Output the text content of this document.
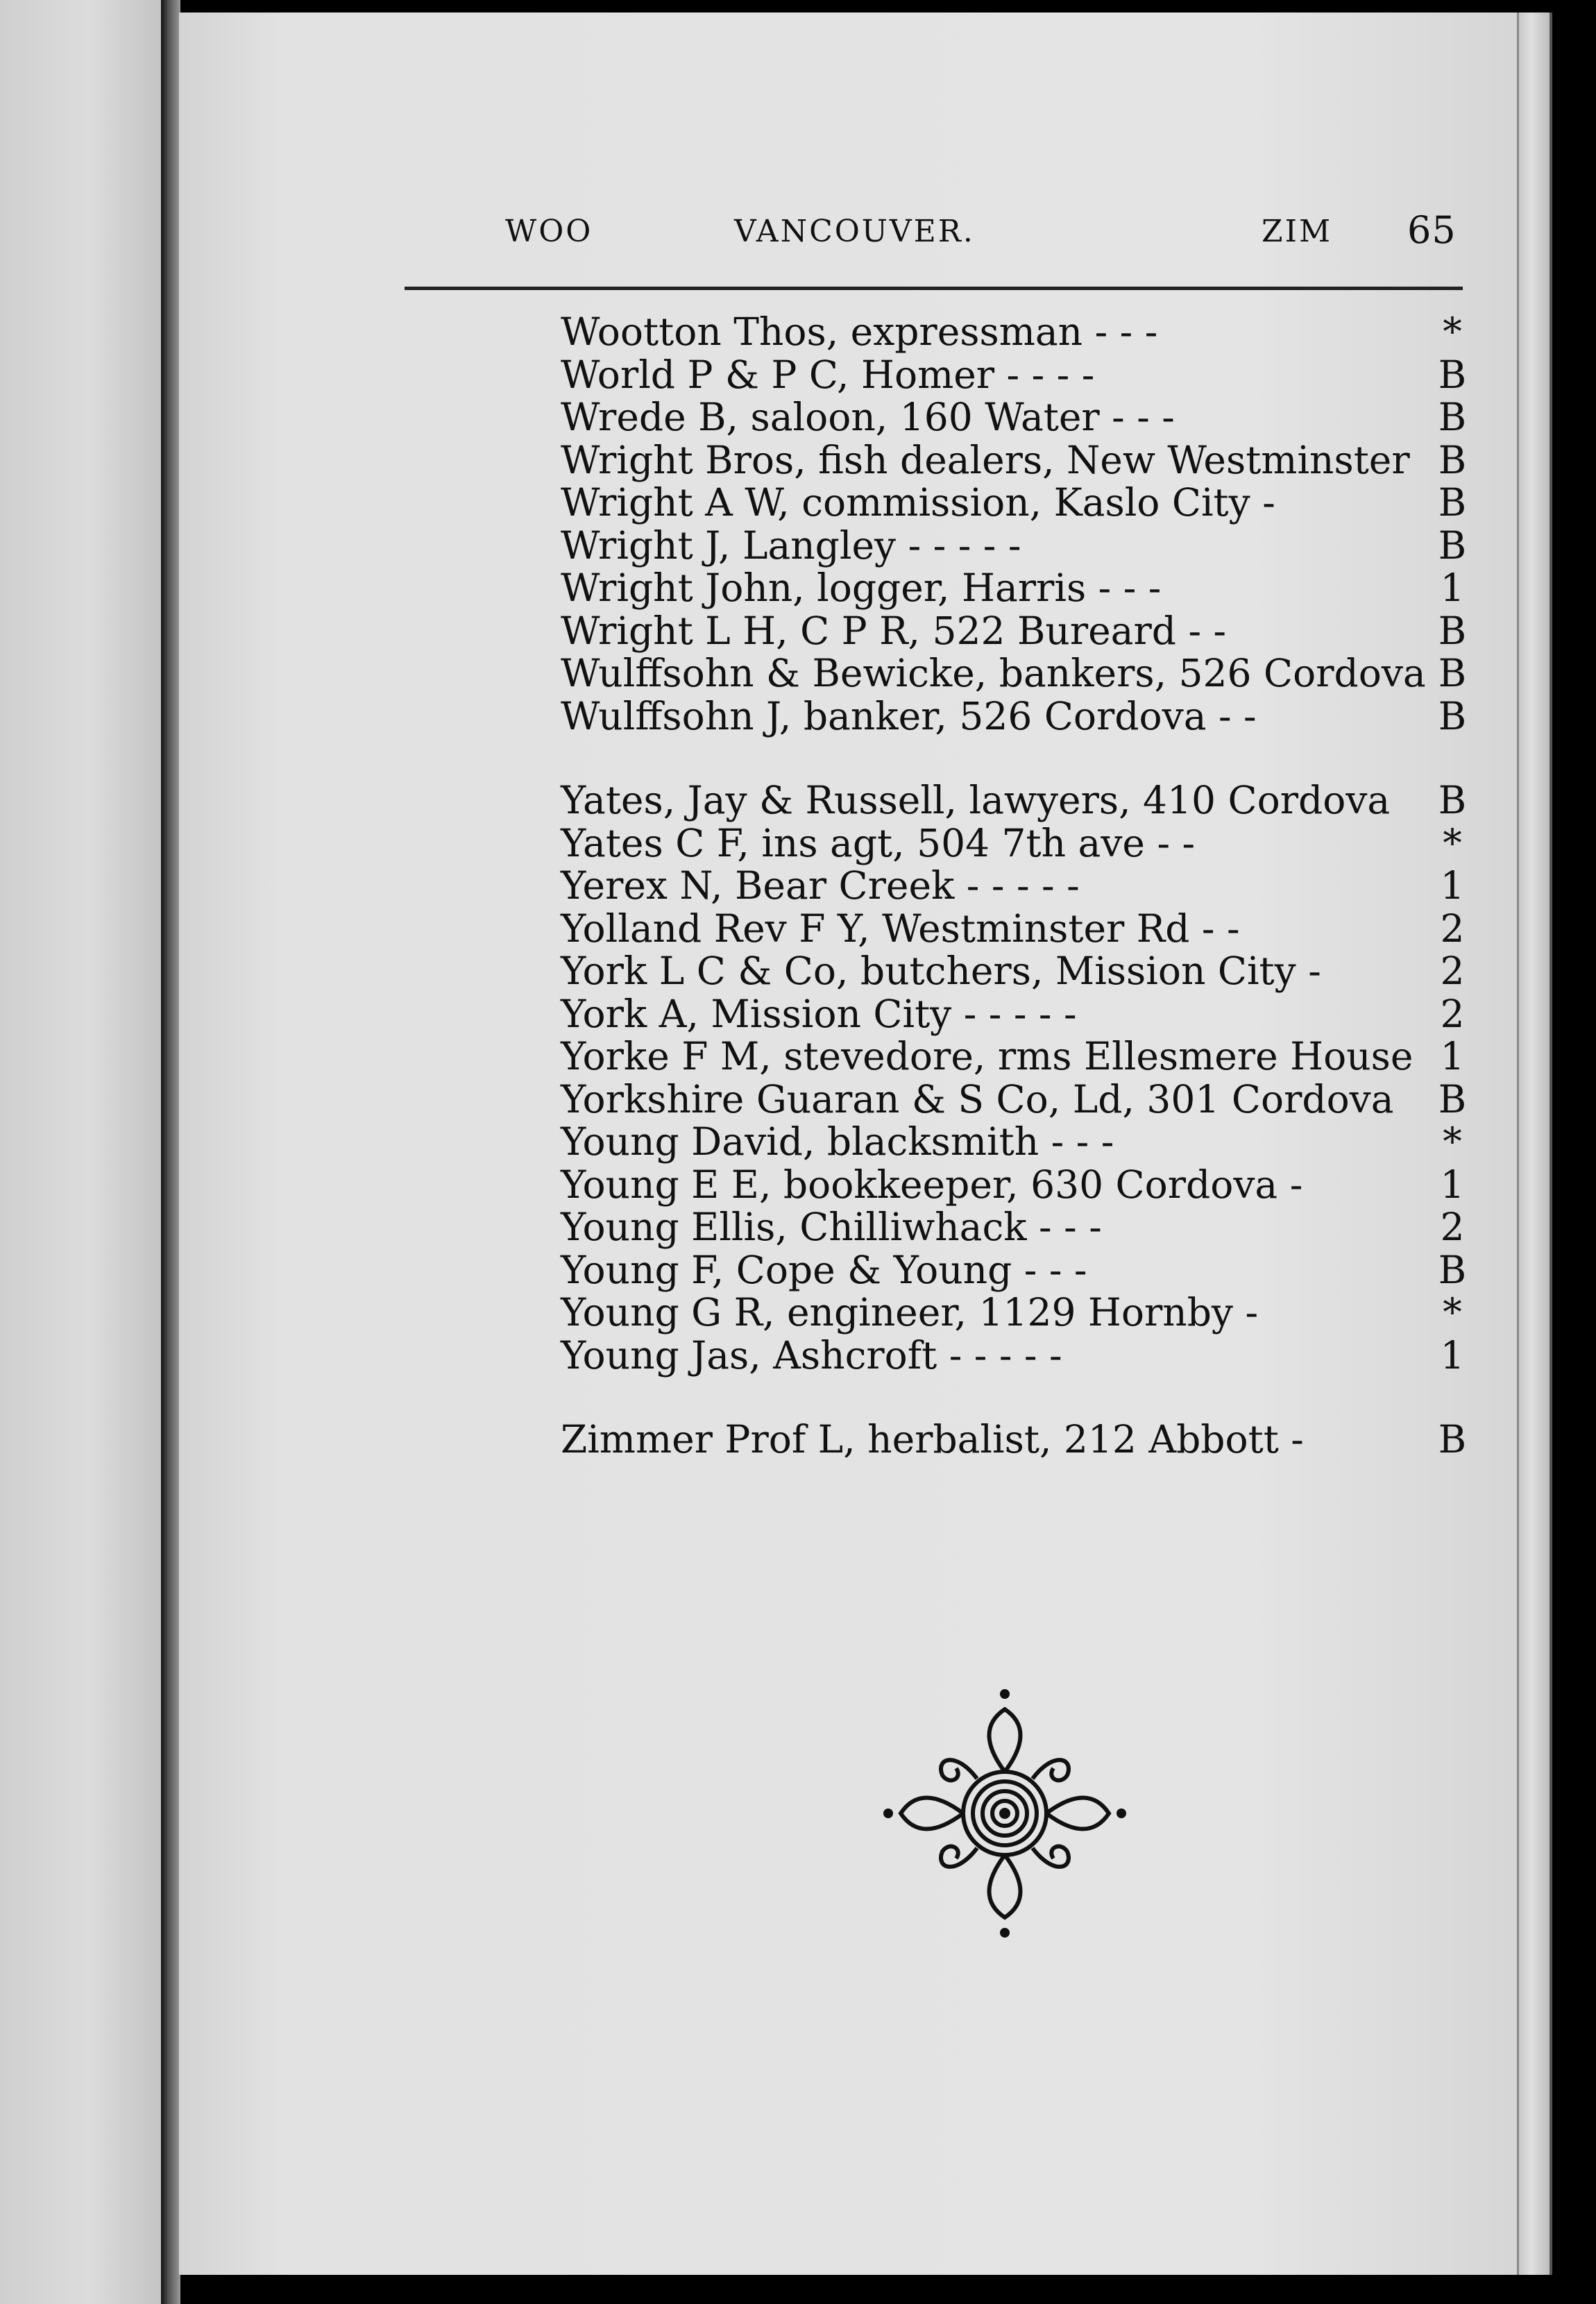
WOO	VANCOUVER.	ZIM 65
Wootton Thos, expressman - - -	*
World P & P C, Homer - - - -	B
Wrede B, saloon, 160 Water - - -	B
Wright Bros, fish dealers, New Westminster B
Wright A W, commission, Kaslo City -	B
Wright J, Langley - - - - -	B
Wright John, logger, Harris - - -	1
Wright L H, C P R, 522 Bureard - -	B
Wulffsohn & Bewicke, bankers, 526 Cordova B
Wulffsohn J, banker, 526 Cordova - -	B
Yates, Jay & Russell, lawyers, 410 Cordova B
Yates C F, ins agt, 504 7th ave - -	*
Yerex N, Bear Creek - - - - -	1
Yolland Rev F Y, Westminster Rd - -	2
York L C & Co, butchers, Mission City -	2
York A, Mission City - - - - -	2
Yorke F M, stevedore, rms Ellesmere House 1
Yorkshire Guaran & S Co, Ld, 301 Cordova B
Young David, blacksmith - - -	*
Young E E, bookkeeper, 630 Cordova -	1
Young Ellis, Chilliwhack - - -	2
Young F, Cope & Young - - -	B
Young G R, engineer, 1129 Hornby -	*
Young Jas, Ashcroft - - - - -	1
Zimmer Prof L, herbalist, 212 Abbott -	B
